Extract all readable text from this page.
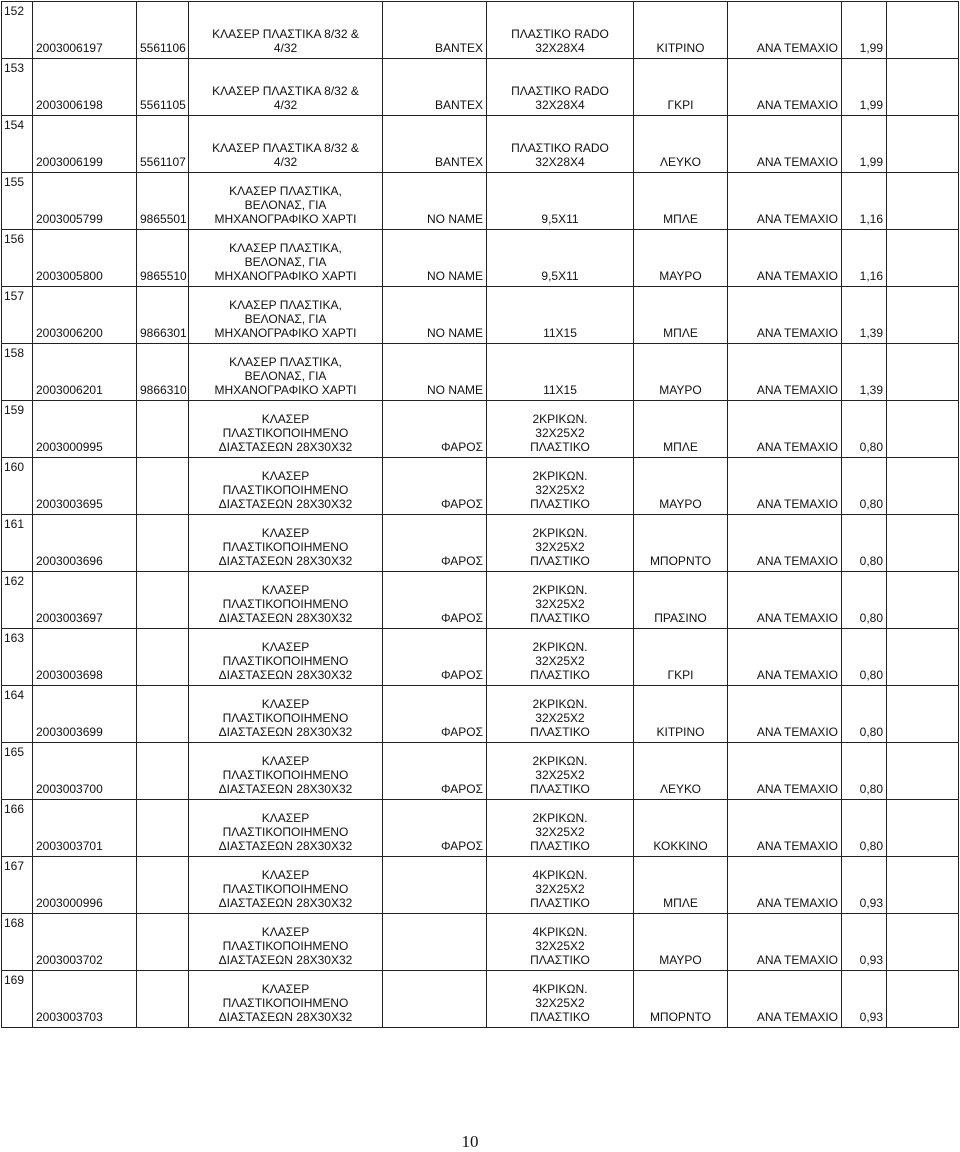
152	2003006197	5561106	ΚΛΑΣΕΡ ΠΛΑΣΤΙΚΑ 8/32 &
4/32	ΒΑΝΤΕΧ	ΠΛΑΣΤΙΚΟ RADO
32Χ28Χ4	ΚΙΤΡΙΝΟ	ΑΝΑ ΤΕΜΑΧΙΟ	1,99	
153	2003006198	5561105	ΚΛΑΣΕΡ ΠΛΑΣΤΙΚΑ 8/32 &
4/32	ΒΑΝΤΕΧ	ΠΛΑΣΤΙΚΟ RADO
32Χ28Χ4	ΓΚΡΙ	ΑΝΑ ΤΕΜΑΧΙΟ	1,99	
154	2003006199	5561107	ΚΛΑΣΕΡ ΠΛΑΣΤΙΚΑ 8/32 &
4/32	ΒΑΝΤΕΧ	ΠΛΑΣΤΙΚΟ RADO
32Χ28Χ4	ΛΕΥΚΟ	ΑΝΑ ΤΕΜΑΧΙΟ	1,99	
155	2003005799	9865501	ΚΛΑΣΕΡ ΠΛΑΣΤΙΚΑ,
ΒΕΛΟΝΑΣ, ΓΙΑ
ΜΗΧΑΝΟΓΡΑΦΙΚΟ ΧΑΡΤΙ	ΝΟ ΝΑΜΕ	9,5Χ11	ΜΠΛΕ	ΑΝΑ ΤΕΜΑΧΙΟ	1,16	
156	2003005800	9865510	ΚΛΑΣΕΡ ΠΛΑΣΤΙΚΑ,
ΒΕΛΟΝΑΣ, ΓΙΑ
ΜΗΧΑΝΟΓΡΑΦΙΚΟ ΧΑΡΤΙ	ΝΟ ΝΑΜΕ	9,5Χ11	ΜΑΥΡΟ	ΑΝΑ ΤΕΜΑΧΙΟ	1,16	
157	2003006200	9866301	ΚΛΑΣΕΡ ΠΛΑΣΤΙΚΑ,
ΒΕΛΟΝΑΣ, ΓΙΑ
ΜΗΧΑΝΟΓΡΑΦΙΚΟ ΧΑΡΤΙ	ΝΟ ΝΑΜΕ	11Χ15	ΜΠΛΕ	ΑΝΑ ΤΕΜΑΧΙΟ	1,39	
158	2003006201	9866310	ΚΛΑΣΕΡ ΠΛΑΣΤΙΚΑ,
ΒΕΛΟΝΑΣ, ΓΙΑ
ΜΗΧΑΝΟΓΡΑΦΙΚΟ ΧΑΡΤΙ	ΝΟ ΝΑΜΕ	11Χ15	ΜΑΥΡΟ	ΑΝΑ ΤΕΜΑΧΙΟ	1,39	
159	2003000995		ΚΛΑΣΕΡ
ΠΛΑΣΤΙΚΟΠΟΙΗΜΕΝΟ
ΔΙΑΣΤΑΣΕΩΝ 28Χ30Χ32	ΦΑΡΟΣ	2ΚΡΙΚΩΝ.
32Χ25Χ2
ΠΛΑΣΤΙΚΟ	ΜΠΛΕ	ΑΝΑ ΤΕΜΑΧΙΟ	0,80	
160	2003003695		ΚΛΑΣΕΡ
ΠΛΑΣΤΙΚΟΠΟΙΗΜΕΝΟ
ΔΙΑΣΤΑΣΕΩΝ 28Χ30Χ32	ΦΑΡΟΣ	2ΚΡΙΚΩΝ.
32Χ25Χ2
ΠΛΑΣΤΙΚΟ	ΜΑΥΡΟ	ΑΝΑ ΤΕΜΑΧΙΟ	0,80	
161	2003003696		ΚΛΑΣΕΡ
ΠΛΑΣΤΙΚΟΠΟΙΗΜΕΝΟ
ΔΙΑΣΤΑΣΕΩΝ 28Χ30Χ32	ΦΑΡΟΣ	2ΚΡΙΚΩΝ.
32Χ25Χ2
ΠΛΑΣΤΙΚΟ	ΜΠΟΡΝΤΟ	ΑΝΑ ΤΕΜΑΧΙΟ	0,80	
162	2003003697		ΚΛΑΣΕΡ
ΠΛΑΣΤΙΚΟΠΟΙΗΜΕΝΟ
ΔΙΑΣΤΑΣΕΩΝ 28Χ30Χ32	ΦΑΡΟΣ	2ΚΡΙΚΩΝ.
32Χ25Χ2
ΠΛΑΣΤΙΚΟ	ΠΡΑΣΙΝΟ	ΑΝΑ ΤΕΜΑΧΙΟ	0,80	
163	2003003698		ΚΛΑΣΕΡ
ΠΛΑΣΤΙΚΟΠΟΙΗΜΕΝΟ
ΔΙΑΣΤΑΣΕΩΝ 28Χ30Χ32	ΦΑΡΟΣ	2ΚΡΙΚΩΝ.
32Χ25Χ2
ΠΛΑΣΤΙΚΟ	ΓΚΡΙ	ΑΝΑ ΤΕΜΑΧΙΟ	0,80	
164	2003003699		ΚΛΑΣΕΡ
ΠΛΑΣΤΙΚΟΠΟΙΗΜΕΝΟ
ΔΙΑΣΤΑΣΕΩΝ 28Χ30Χ32	ΦΑΡΟΣ	2ΚΡΙΚΩΝ.
32Χ25Χ2
ΠΛΑΣΤΙΚΟ	ΚΙΤΡΙΝΟ	ΑΝΑ ΤΕΜΑΧΙΟ	0,80	
165	2003003700		ΚΛΑΣΕΡ
ΠΛΑΣΤΙΚΟΠΟΙΗΜΕΝΟ
ΔΙΑΣΤΑΣΕΩΝ 28Χ30Χ32	ΦΑΡΟΣ	2ΚΡΙΚΩΝ.
32Χ25Χ2
ΠΛΑΣΤΙΚΟ	ΛΕΥΚΟ	ΑΝΑ ΤΕΜΑΧΙΟ	0,80	
166	2003003701		ΚΛΑΣΕΡ
ΠΛΑΣΤΙΚΟΠΟΙΗΜΕΝΟ
ΔΙΑΣΤΑΣΕΩΝ 28Χ30Χ32	ΦΑΡΟΣ	2ΚΡΙΚΩΝ.
32Χ25Χ2
ΠΛΑΣΤΙΚΟ	ΚΟΚΚΙΝΟ	ΑΝΑ ΤΕΜΑΧΙΟ	0,80	
167	2003000996		ΚΛΑΣΕΡ
ΠΛΑΣΤΙΚΟΠΟΙΗΜΕΝΟ
ΔΙΑΣΤΑΣΕΩΝ 28Χ30Χ32		4ΚΡΙΚΩΝ.
32Χ25Χ2
ΠΛΑΣΤΙΚΟ	ΜΠΛΕ	ΑΝΑ ΤΕΜΑΧΙΟ	0,93	
168	2003003702		ΚΛΑΣΕΡ
ΠΛΑΣΤΙΚΟΠΟΙΗΜΕΝΟ
ΔΙΑΣΤΑΣΕΩΝ 28Χ30Χ32		4ΚΡΙΚΩΝ.
32Χ25Χ2
ΠΛΑΣΤΙΚΟ	ΜΑΥΡΟ	ΑΝΑ ΤΕΜΑΧΙΟ	0,93	
169	2003003703		ΚΛΑΣΕΡ
ΠΛΑΣΤΙΚΟΠΟΙΗΜΕΝΟ
ΔΙΑΣΤΑΣΕΩΝ 28Χ30Χ32		4ΚΡΙΚΩΝ.
32Χ25Χ2
ΠΛΑΣΤΙΚΟ	ΜΠΟΡΝΤΟ	ΑΝΑ ΤΕΜΑΧΙΟ	0,93	
10
